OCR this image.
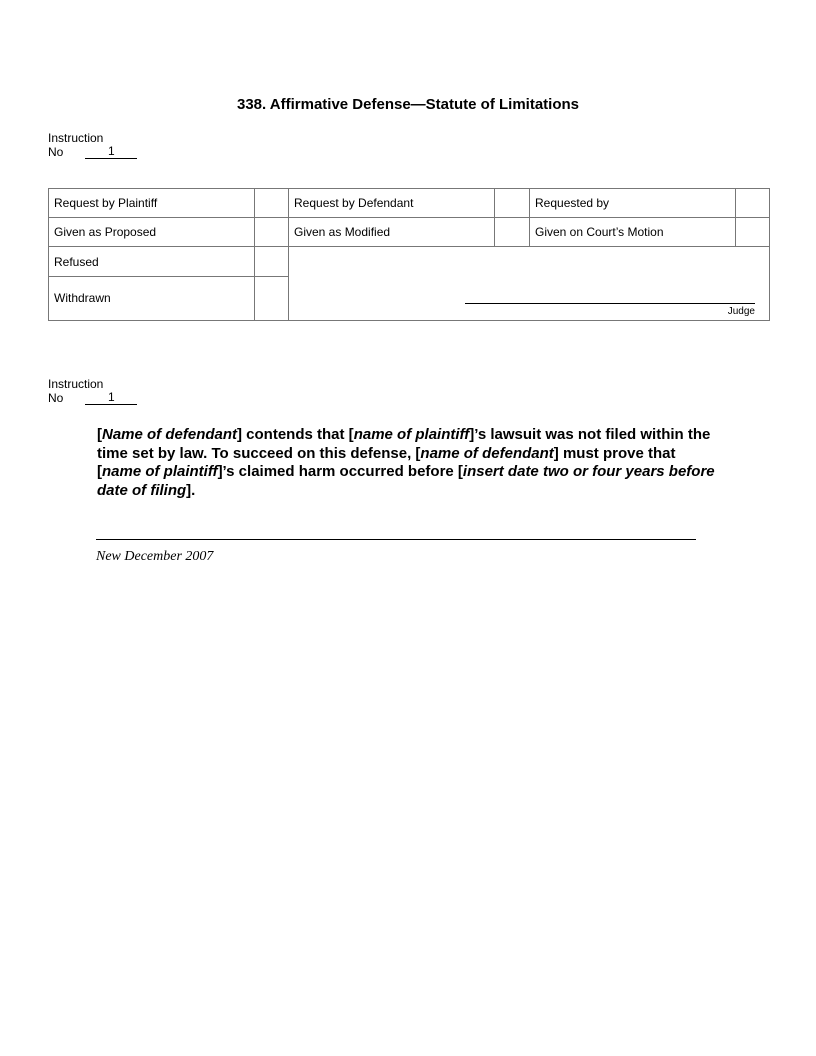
338. Affirmative Defense—Statute of Limitations
Instruction
No	1
Request by Plaintiff		Request by Defendant		Requested by	
Given as Proposed		Given as Modified		Given on Court’s Motion	
Refused		Judge			

Withdrawn					
Instruction
No	1
[Name of defendant] contends that [name of plaintiff]’s lawsuit was not filed within the time set by law. To succeed on this defense, [name of defendant] must prove that [name of plaintiff]’s claimed harm occurred before [insert date two or four years before date of filing].
New December 2007
